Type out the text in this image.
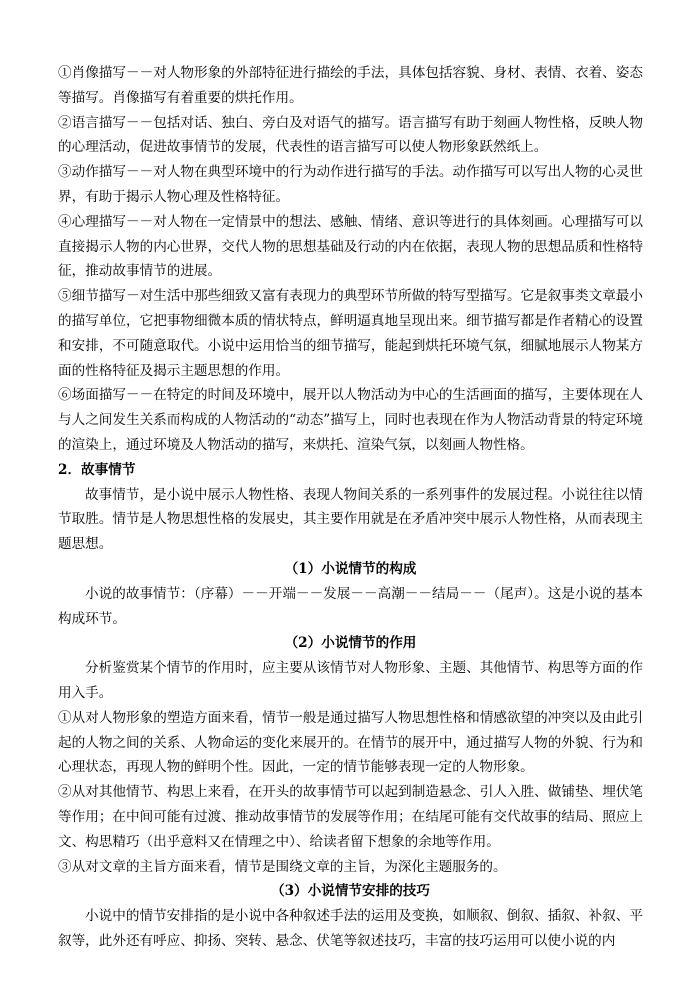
①肖像描写－－对人物形象的外部特征进行描绘的手法，具体包括容貌、身材、表情、衣着、姿态等描写。肖像描写有着重要的烘托作用。

②语言描写－－包括对话、独白、旁白及对语气的描写。语言描写有助于刻画人物性格，反映人物的心理活动，促进故事情节的发展，代表性的语言描写可以使人物形象跃然纸上。

③动作描写－－对人物在典型环境中的行为动作进行描写的手法。动作描写可以写出人物的心灵世界，有助于揭示人物心理及性格特征。

④心理描写－－对人物在一定情景中的想法、感触、情绪、意识等进行的具体刻画。心理描写可以直接揭示人物的内心世界，交代人物的思想基础及行动的内在依据，表现人物的思想品质和性格特征，推动故事情节的进展。

⑤细节描写－对生活中那些细致又富有表现力的典型环节所做的特写型描写。它是叙事类文章最小的描写单位，它把事物细微本质的情状特点，鲜明逼真地呈现出来。细节描写都是作者精心的设置和安排，不可随意取代。小说中运用恰当的细节描写，能起到烘托环境气氛，细腻地展示人物某方面的性格特征及揭示主题思想的作用。

⑥场面描写－－在特定的时间及环境中，展开以人物活动为中心的生活画面的描写，主要体现在人与人之间发生关系而构成的人物活动的“动态”描写上，同时也表现在作为人物活动背景的特定环境的渲染上，通过环境及人物活动的描写，来烘托、渲染气氛，以刻画人物性格。

2．故事情节

故事情节，是小说中展示人物性格、表现人物间关系的一系列事件的发展过程。小说往往以情节取胜。情节是人物思想性格的发展史，其主要作用就是在矛盾冲突中展示人物性格，从而表现主题思想。

（1）小说情节的构成

小说的故事情节：（序幕）－－开端－－发展－－高潮－－结局－－（尾声）。这是小说的基本构成环节。

（2）小说情节的作用

分析鉴赏某个情节的作用时，应主要从该情节对人物形象、主题、其他情节、构思等方面的作用入手。

①从对人物形象的塑造方面来看，情节一般是通过描写人物思想性格和情感欲望的冲突以及由此引起的人物之间的关系、人物命运的变化来展开的。在情节的展开中，通过描写人物的外貌、行为和心理状态，再现人物的鲜明个性。因此，一定的情节能够表现一定的人物形象。

②从对其他情节、构思上来看，在开头的故事情节可以起到制造悬念、引人入胜、做铺垫、埋伏笔等作用；在中间可能有过渡、推动故事情节的发展等作用；在结尾可能有交代故事的结局、照应上文、构思精巧（出乎意料又在情理之中）、给读者留下想象的余地等作用。

③从对文章的主旨方面来看，情节是围绕文章的主旨，为深化主题服务的。

（3）小说情节安排的技巧

小说中的情节安排指的是小说中各种叙述手法的运用及变换，如顺叙、倒叙、插叙、补叙、平叙等，此外还有呼应、抑扬、突转、悬念、伏笔等叙述技巧，丰富的技巧运用可以使小说的内
